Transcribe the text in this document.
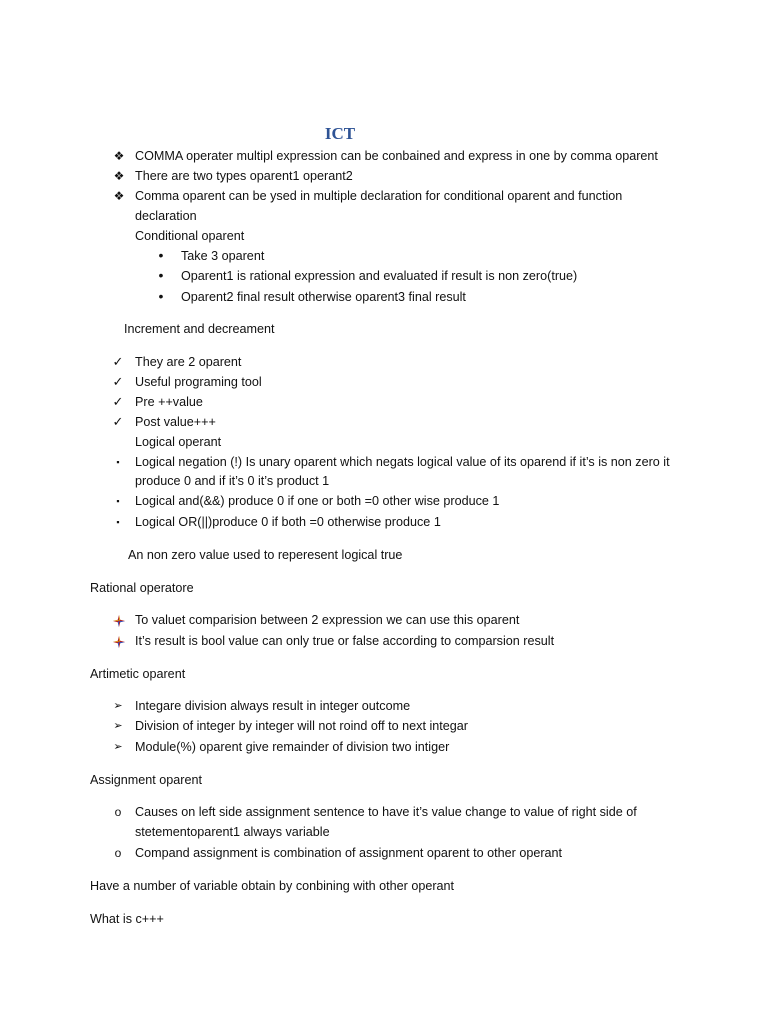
ICT
❖ COMMA operater multipl expression can be conbained and express in one by comma oparent
❖ There are two types oparent1 operant2
❖ Comma oparent can be ysed in multiple declaration for conditional oparent and function
declaration
Conditional oparent
•	Take 3 oparent
•	Oparent1 is rational expression and evaluated if result is non zero(true)
•	Oparent2 final result otherwise oparent3 final result
Increment and decreament
✓ They are 2 oparent
✓ Useful programing tool
✓ Pre ++value
✓ Post value+++
Logical operant
▪	Logical negation (!) Is unary oparent which negats logical value of its oparend if it’s is non zero it
produce 0 and if it’s 0 it’s product 1
▪	Logical and(&&) produce 0 if one or both =0 other wise produce 1
▪	Logical OR(||)produce 0 if both =0 otherwise produce 1
An non zero value used to reperesent logical true
Rational operatore
To valuet comparision between 2 expression we can use this oparent
It’s result is bool value can only true or false according to comparsion result
Artimetic oparent
➢ Integare division always result in integer outcome
➢ Division of integer by integer will not roind off to next integar
➢ Module(%) oparent give remainder of division two intiger
Assignment oparent
o Causes on left side assignment sentence to have it’s value change to value of right side of
stetementoparent1 always variable
o Compand assignment is combination of assignment oparent to other operant
Have a number of variable obtain by conbining with other operant
What is c+++
